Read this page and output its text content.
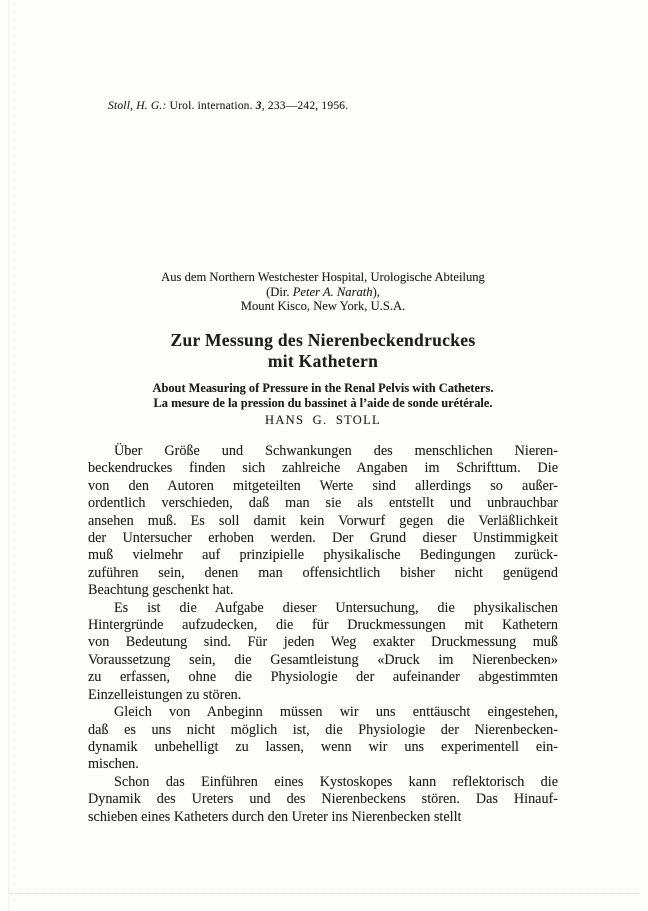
Stoll, H. G.: Urol. internation. 3, 233—242, 1956.
Aus dem Northern Westchester Hospital, Urologische Abteilung
(Dir. Peter A. Narath),
Mount Kisco, New York, U.S.A.
Zur Messung des Nierenbeckendruckes
mit Kathetern
About Measuring of Pressure in the Renal Pelvis with Catheters.
La mesure de la pression du bassinet à l’aide de sonde urétérale.
HANS G. STOLL
Über Größe und Schwankungen des menschlichen Nieren-
beckendruckes finden sich zahlreiche Angaben im Schrifttum. Die
von den Autoren mitgeteilten Werte sind allerdings so außer-
ordentlich verschieden, daß man sie als entstellt und unbrauchbar
ansehen muß. Es soll damit kein Vorwurf gegen die Verläßlichkeit
der Untersucher erhoben werden. Der Grund dieser Unstimmigkeit
muß vielmehr auf prinzipielle physikalische Bedingungen zurück-
zuführen sein, denen man offensichtlich bisher nicht genügend
Beachtung geschenkt hat.
Es ist die Aufgabe dieser Untersuchung, die physikalischen
Hintergründe aufzudecken, die für Druckmessungen mit Kathetern
von Bedeutung sind. Für jeden Weg exakter Druckmessung muß
Voraussetzung sein, die Gesamtleistung «Druck im Nierenbecken»
zu erfassen, ohne die Physiologie der aufeinander abgestimmten
Einzelleistungen zu stören.
Gleich von Anbeginn müssen wir uns enttäuscht eingestehen,
daß es uns nicht möglich ist, die Physiologie der Nierenbecken-
dynamik unbehelligt zu lassen, wenn wir uns experimentell ein-
mischen.
Schon das Einführen eines Kystoskopes kann reflektorisch die
Dynamik des Ureters und des Nierenbeckens stören. Das Hinauf-
schieben eines Katheters durch den Ureter ins Nierenbecken stellt
